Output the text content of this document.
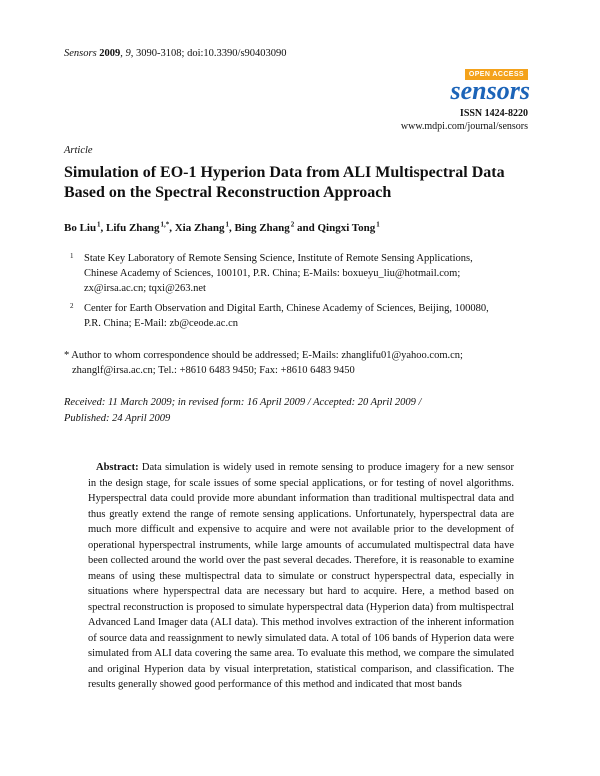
Sensors 2009, 9, 3090-3108; doi:10.3390/s90403090
OPEN ACCESS
sensors
ISSN 1424-8220
www.mdpi.com/journal/sensors
Article
Simulation of EO-1 Hyperion Data from ALI Multispectral Data Based on the Spectral Reconstruction Approach
Bo Liu $^1$, Lifu Zhang $^{1,*}$, Xia Zhang $^1$, Bing Zhang $^2$ and Qingxi Tong $^1$
1 State Key Laboratory of Remote Sensing Science, Institute of Remote Sensing Applications,
Chinese Academy of Sciences, 100101, P.R. China; E-Mails: boxueyu_liu@hotmail.com;
zx@irsa.ac.cn; tqxi@263.net
2 Center for Earth Observation and Digital Earth, Chinese Academy of Sciences, Beijing, 100080,
P.R. China; E-Mail: zb@ceode.ac.cn
* Author to whom correspondence should be addressed; E-Mails: zhanglifu01@yahoo.com.cn;
zhanglf@irsa.ac.cn; Tel.: +8610 6483 9450; Fax: +8610 6483 9450
Received: 11 March 2009; in revised form: 16 April 2009 / Accepted: 20 April 2009 /
Published: 24 April 2009

Abstract: Data simulation is widely used in remote sensing to produce imagery for a new sensor in the design stage, for scale issues of some special applications, or for testing of novel algorithms. Hyperspectral data could provide more abundant information than traditional multispectral data and thus greatly extend the range of remote sensing applications. Unfortunately, hyperspectral data are much more difficult and expensive to acquire and were not available prior to the development of operational hyperspectral instruments, while large amounts of accumulated multispectral data have been collected around the world over the past several decades. Therefore, it is reasonable to examine means of using these multispectral data to simulate or construct hyperspectral data, especially in situations where hyperspectral data are necessary but hard to acquire. Here, a method based on spectral reconstruction is proposed to simulate hyperspectral data (Hyperion data) from multispectral Advanced Land Imager data (ALI data). This method involves extraction of the inherent information of source data and reassignment to newly simulated data. A total of 106 bands of Hyperion data were simulated from ALI data covering the same area. To evaluate this method, we compare the simulated and original Hyperion data by visual interpretation, statistical comparison, and classification. The results generally showed good performance of this method and indicated that most bands
